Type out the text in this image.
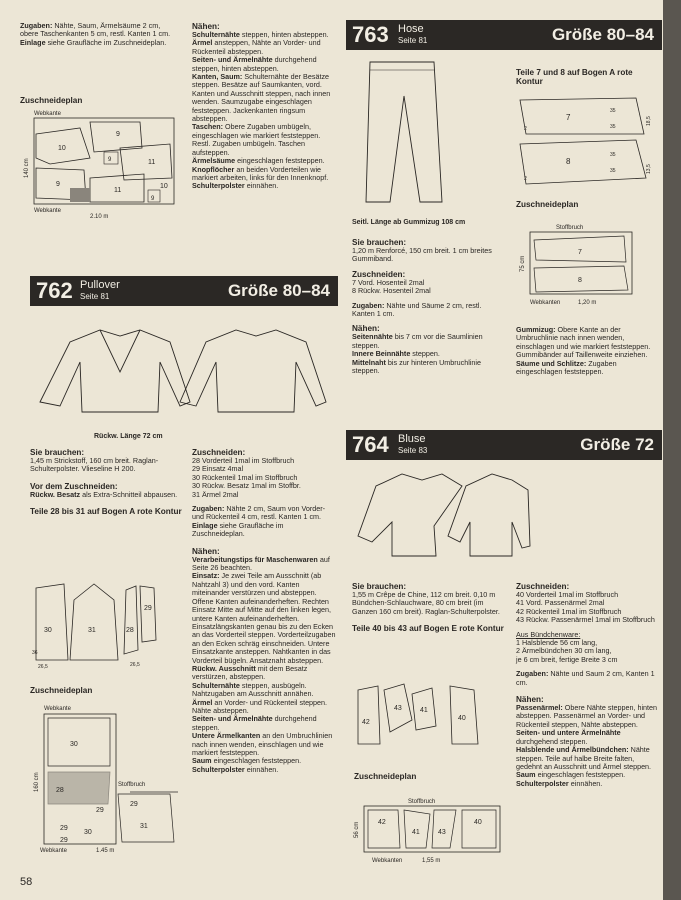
Zugaben: Nähte, Saum, Ärmelsäume 2 cm, obere Taschenkanten 5 cm, restl. Kanten 1 cm.

Einlage siehe Graufläche im Zuschneideplan.

Zuschneideplan

Webkante
Webkante
2,10 m
140 cm
9
10
9	11
9
11
10
9

Nähen:

Schulternähte steppen, hinten absteppen.

Ärmel ansteppen, Nähte an Vorder- und Rückenteil absteppen.

Seiten- und Ärmelnähte durchgehend steppen, hinten absteppen.

Kanten, Saum: Schulternähte der Besätze steppen. Besätze auf Saumkanten, vord. Kanten und Ausschnitt steppen, nach innen wenden. Saumzugabe eingeschlagen feststeppen. Jackenkanten ringsum absteppen.

Taschen: Obere Zugaben umbügeln, eingeschlagen wie markiert feststeppen. Restl. Zugaben umbügeln. Taschen aufsteppen.

Ärmelsäume eingeschlagen feststeppen.

Knopflöcher an beiden Vorderteilen wie markiert arbeiten, links für den Innenknopf.

Schulterpolster einnähen.

762 Pullover
Seite 81	Größe 80–84

Rückw. Länge 72 cm

Sie brauchen:

1,45 m Strickstoff, 160 cm breit. Raglan-Schulterpolster. Vlieseline H 200.

Vor dem Zuschneiden:

Rückw. Besatz als Extra-Schnitteil abpausen.

Teile 28 bis 31 auf Bogen A rote Kontur

30	31	28
29
26,5	26,5
36

Zuschneideplan

Webkante
Webkante
Stoffbruch
1,45 m
160 cm
30
28
29
29
30
29
31
29

Zuschneiden:

28 Vorderteil 1mal im Stoffbruch

29 Einsatz 4mal

30 Rückenteil 1mal im Stoffbruch

30 Rückw. Besatz 1mal im Stoffbr.

31 Ärmel 2mal

Zugaben: Nähte 2 cm, Saum von Vorder- und Rückenteil 4 cm, restl. Kanten 1 cm.

Einlage siehe Graufläche im Zuschneideplan.

Nähen:

Verarbeitungstips für Maschenwaren auf Seite 26 beachten.

Einsatz: Je zwei Teile am Ausschnitt (ab Nahtzahl 3) und den vord. Kanten miteinander verstürzen und absteppen. Offene Kanten aufeinanderheften. Rechten Einsatz Mitte auf Mitte auf den linken legen, untere Kanten aufeinanderheften. Einsatzlängskanten genau bis zu den Ecken an das Vorderteil steppen. Vorderteilzugaben an den Ecken schräg einschneiden. Untere Einsatzkante ansteppen. Nahtkanten in das Vorderteil bügeln. Ansatznaht absteppen.

Rückw. Ausschnitt mit dem Besatz verstürzen, absteppen.

Schulternähte steppen, ausbügeln. Nahtzugaben am Ausschnitt annähen.

Ärmel an Vorder- und Rückenteil steppen. Nähte absteppen.

Seiten- und Ärmelnähte durchgehend steppen.

Untere Ärmelkanten an den Umbruchlinien nach innen wenden, einschlagen und wie markiert feststeppen.

Saum eingeschlagen feststeppen.

Schulterpolster einnähen.

763 Hose
Seite 81	Größe 80–84

Seitl. Länge ab Gummizug 108 cm

Sie brauchen:

1,20 m Renforcé, 150 cm breit. 1 cm breites Gummiband.

Zuschneiden:

7 Vord. Hosenteil 2mal

8 Rückw. Hosenteil 2mal

Zugaben: Nähte und Säume 2 cm, restl. Kanten 1 cm.

Nähen:

Seitennähte bis 7 cm vor die Saumlinien steppen.

Innere Beinnähte steppen.

Mittelnaht bis zur hinteren Umbruchlinie steppen.

Teile 7 und 8 auf Bogen A rote Kontur

7
8
35
35
35
35
2
2
18,5
13,5

Zuschneideplan

Stoffbruch
Webkanten	1,20 m
75 cm
7
8

Gummizug: Obere Kante an der Umbruchlinie nach innen wenden, einschlagen und wie markiert feststeppen. Gummibänder auf Taillenweite einziehen.

Säume und Schlitze: Zugaben eingeschlagen feststeppen.

764 Bluse
Seite 83	Größe 72

Sie brauchen:

1,55 m Crêpe de Chine, 112 cm breit. 0,10 m Bündchen-Schlauchware, 80 cm breit (im Ganzen 160 cm breit). Raglan-Schulterpolster.

Teile 40 bis 43 auf Bogen E rote Kontur

42
43	41
40

Zuschneideplan

Stoffbruch
Webkanten	1,55 m
56 cm	42
41	43
40

Zuschneiden:

40 Vorderteil 1mal im Stoffbruch

41 Vord. Passenärmel 2mal

42 Rückenteil 1mal im Stoffbruch

43 Rückw. Passenärmel 1mal im Stoffbruch

Aus Bündchenware:

1 Halsblende 56 cm lang,

2 Ärmelbündchen 30 cm lang,

je 6 cm breit, fertige Breite 3 cm

Zugaben: Nähte und Saum 2 cm, Kanten 1 cm.

Nähen:

Passenärmel: Obere Nähte steppen, hinten absteppen. Passenärmel an Vorder- und Rückenteil steppen, Nähte absteppen.

Seiten- und untere Ärmelnähte durchgehend steppen.

Halsblende und Ärmelbündchen: Nähte steppen. Teile auf halbe Breite falten, gedehnt an Ausschnitt und Ärmel steppen.

Saum eingeschlagen feststeppen.

Schulterpolster einnähen.

58
